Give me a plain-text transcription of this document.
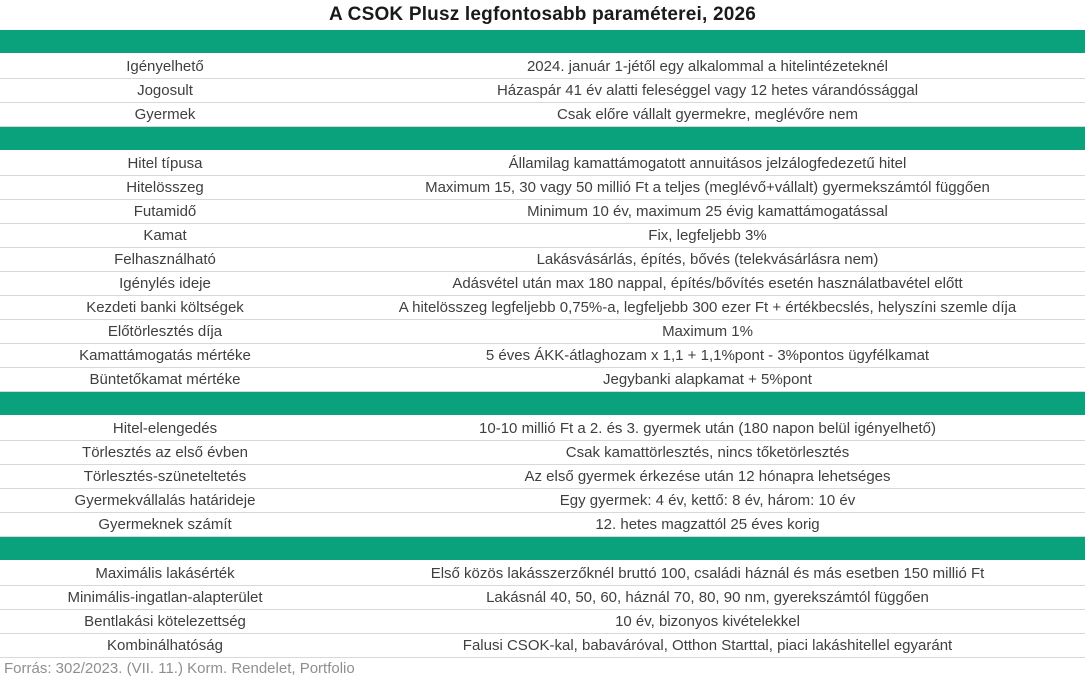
A CSOK Plusz legfontosabb paraméterei, 2026
Igényelhető	2024. január 1-jétől egy alkalommal a hitelintézeteknél
Jogosult	Házaspár 41 év alatti feleséggel vagy 12 hetes várandóssággal
Gyermek	Csak előre vállalt gyermekre, meglévőre nem
Hitel típusa	Államilag kamattámogatott annuitásos jelzálogfedezetű hitel
Hitelösszeg	Maximum 15, 30 vagy 50 millió Ft a teljes (meglévő+vállalt) gyermekszámtól függően
Futamidő	Minimum 10 év, maximum 25 évig kamattámogatással
Kamat	Fix, legfeljebb 3%
Felhasználható	Lakásvásárlás, építés, bővés (telekvásárlásra nem)
Igénylés ideje	Adásvétel után max 180 nappal, építés/bővítés esetén használatbavétel előtt
Kezdeti banki költségek	A hitelösszeg legfeljebb 0,75%-a, legfeljebb 300 ezer Ft + értékbecslés, helyszíni szemle díja
Előtörlesztés díja	Maximum 1%
Kamattámogatás mértéke	5 éves ÁKK-átlaghozam x 1,1 + 1,1%pont - 3%pontos ügyfélkamat
Büntetőkamat mértéke	Jegybanki alapkamat + 5%pont
Hitel-elengedés	10-10 millió Ft a 2. és 3. gyermek után (180 napon belül igényelhető)
Törlesztés az első évben	Csak kamattörlesztés, nincs tőketörlesztés
Törlesztés-szüneteltetés	Az első gyermek érkezése után 12 hónapra lehetséges
Gyermekvállalás határideje	Egy gyermek: 4 év, kettő: 8 év, három: 10 év
Gyermeknek számít	12. hetes magzattól 25 éves korig
Maximális lakásérték	Első közös lakásszerzőknél bruttó 100, családi háznál és más esetben 150 millió Ft
Minimális-ingatlan-alapterület	Lakásnál 40, 50, 60, háznál 70, 80, 90 nm, gyerekszámtól függően
Bentlakási kötelezettség	10 év, bizonyos kivételekkel
Kombinálhatóság	Falusi CSOK-kal, babaváróval, Otthon Starttal, piaci lakáshitellel egyaránt
Forrás: 302/2023. (VII. 11.) Korm. Rendelet, Portfolio
